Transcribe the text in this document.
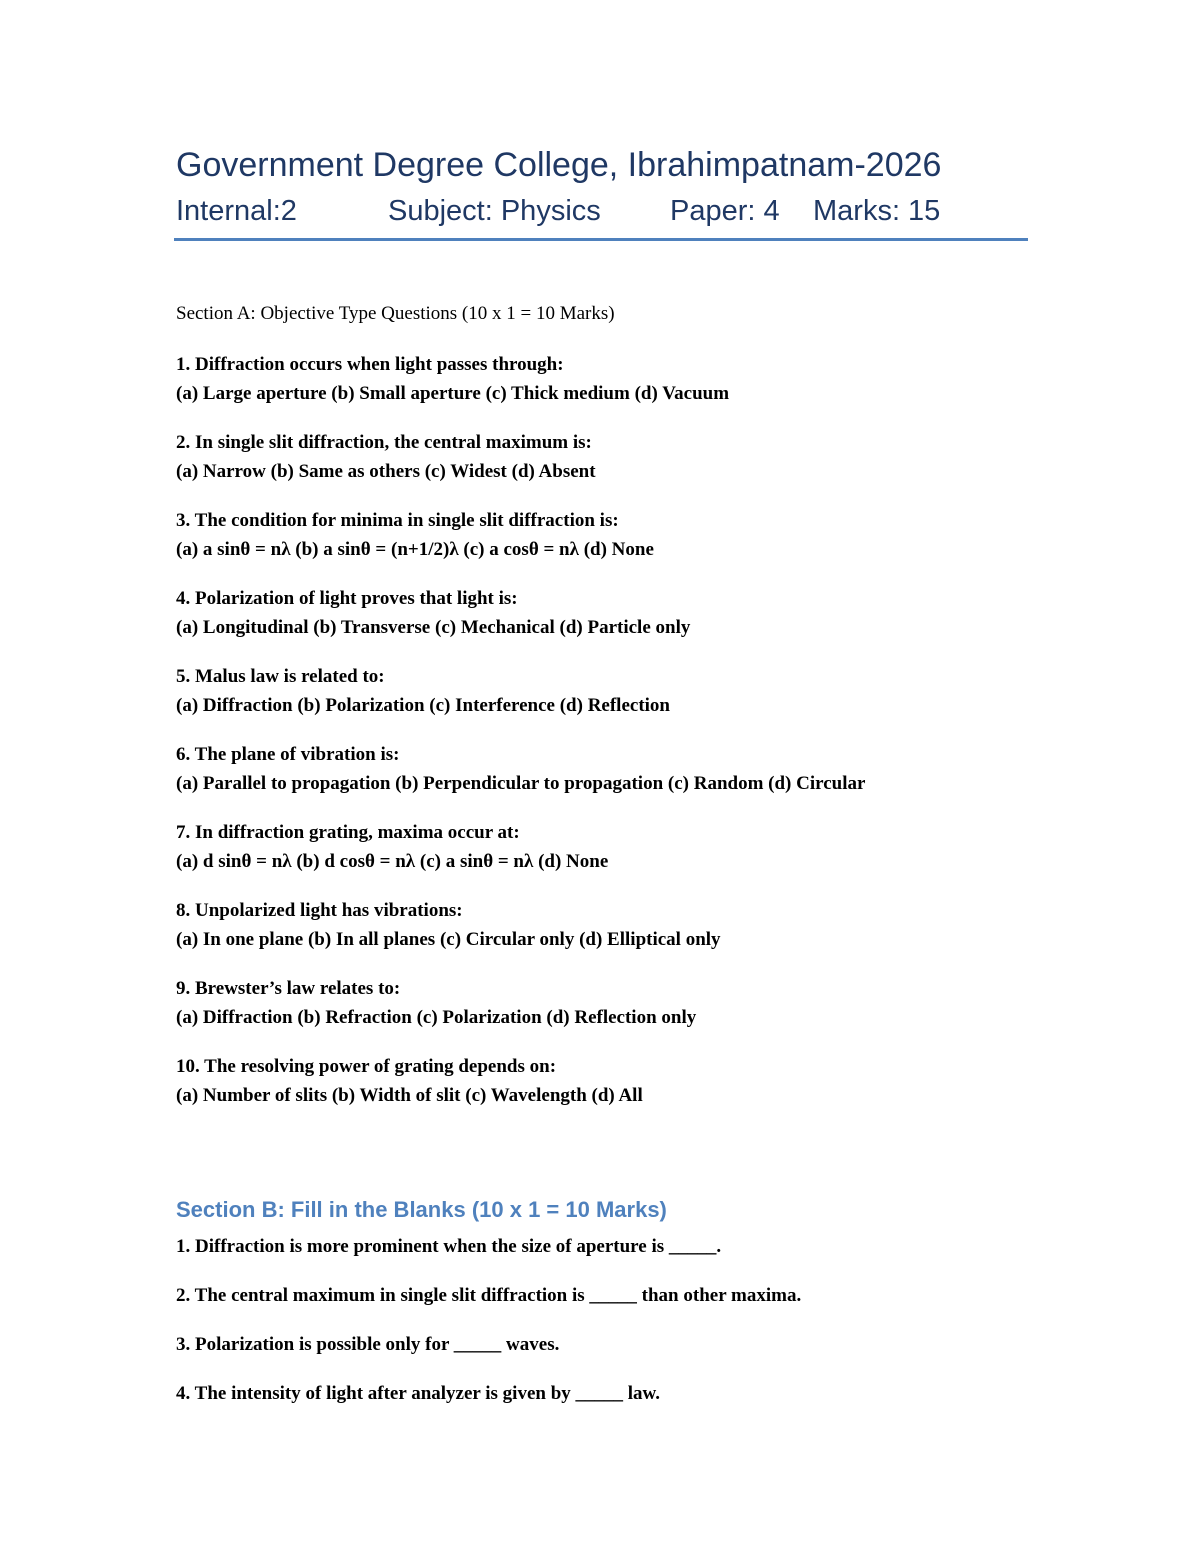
Government Degree College, Ibrahimpatnam-2026
Internal:2	Subject: Physics Paper: 4 Marks: 15
Section A: Objective Type Questions (10 x 1 = 10 Marks)
1. Diffraction occurs when light passes through:
(a) Large aperture (b) Small aperture (c) Thick medium (d) Vacuum
2. In single slit diffraction, the central maximum is:
(a) Narrow (b) Same as others (c) Widest (d) Absent
3. The condition for minima in single slit diffraction is:
(a) a sinθ = nλ (b) a sinθ = (n+1/2)λ (c) a cosθ = nλ (d) None
4. Polarization of light proves that light is:
(a) Longitudinal (b) Transverse (c) Mechanical (d) Particle only
5. Malus law is related to:
(a) Diffraction (b) Polarization (c) Interference (d) Reflection
6. The plane of vibration is:
(a) Parallel to propagation (b) Perpendicular to propagation (c) Random (d) Circular
7. In diffraction grating, maxima occur at:
(a) d sinθ = nλ (b) d cosθ = nλ (c) a sinθ = nλ (d) None
8. Unpolarized light has vibrations:
(a) In one plane (b) In all planes (c) Circular only (d) Elliptical only
9. Brewster’s law relates to:
(a) Diffraction (b) Refraction (c) Polarization (d) Reflection only
10. The resolving power of grating depends on:
(a) Number of slits (b) Width of slit (c) Wavelength (d) All
Section B: Fill in the Blanks (10 x 1 = 10 Marks)
1. Diffraction is more prominent when the size of aperture is _____.
2. The central maximum in single slit diffraction is _____ than other maxima.
3. Polarization is possible only for _____ waves.
4. The intensity of light after analyzer is given by _____ law.
